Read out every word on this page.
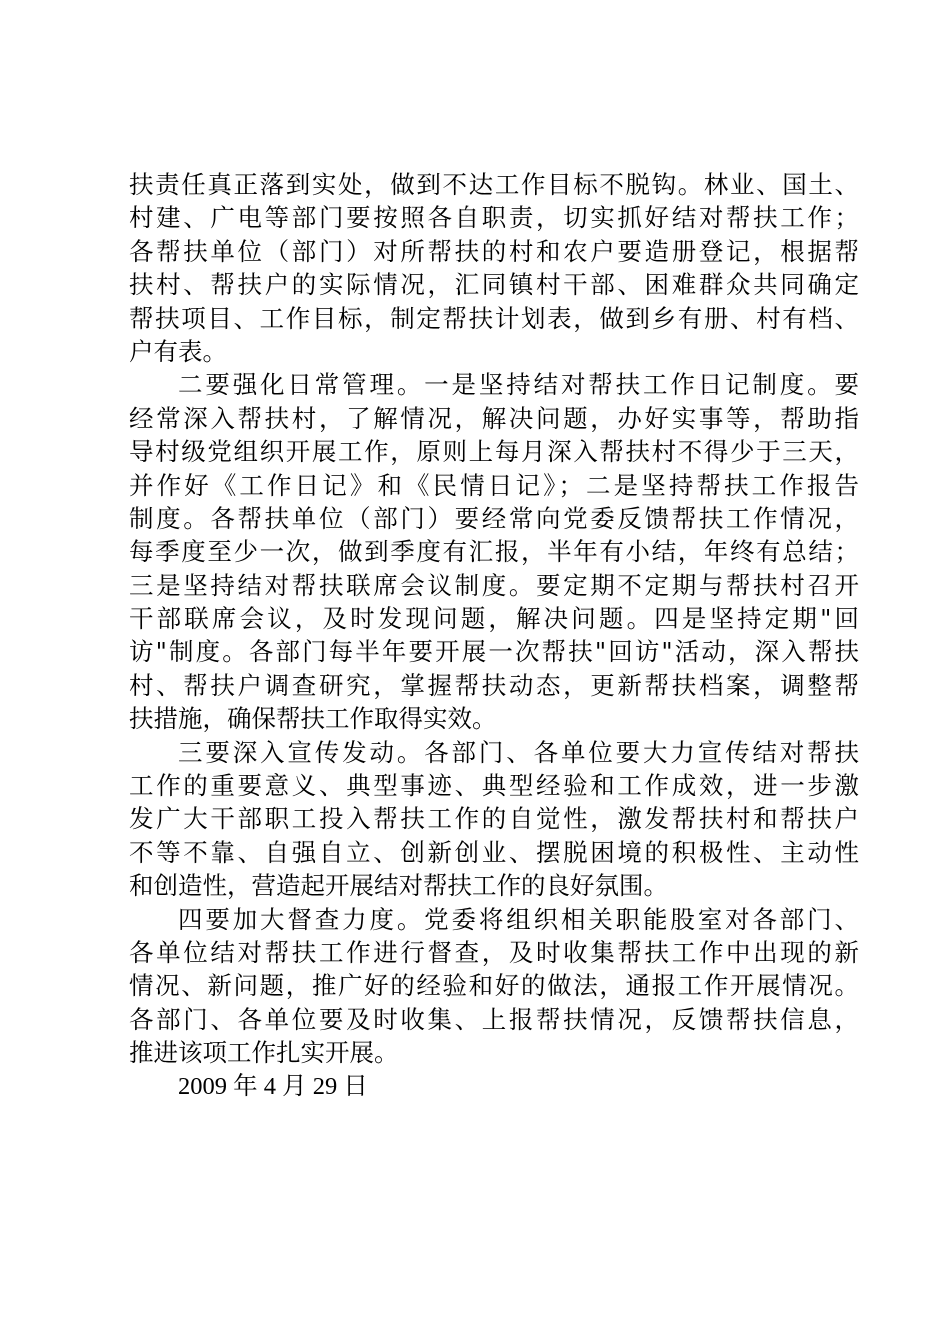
扶责任真正落到实处，做到不达工作目标不脱钩。林业、国土、
村建、广电等部门要按照各自职责，切实抓好结对帮扶工作；
各帮扶单位（部门）对所帮扶的村和农户要造册登记，根据帮
扶村、帮扶户的实际情况，汇同镇村干部、困难群众共同确定
帮扶项目、工作目标，制定帮扶计划表，做到乡有册、村有档、
户有表。
二要强化日常管理。一是坚持结对帮扶工作日记制度。要
经常深入帮扶村，了解情况，解决问题，办好实事等，帮助指
导村级党组织开展工作，原则上每月深入帮扶村不得少于三天，
并作好《工作日记》和《民情日记》；二是坚持帮扶工作报告
制度。各帮扶单位（部门）要经常向党委反馈帮扶工作情况，
每季度至少一次，做到季度有汇报，半年有小结，年终有总结；
三是坚持结对帮扶联席会议制度。要定期不定期与帮扶村召开
干部联席会议，及时发现问题，解决问题。四是坚持定期"回
访"制度。各部门每半年要开展一次帮扶"回访"活动，深入帮扶
村、帮扶户调查研究，掌握帮扶动态，更新帮扶档案，调整帮
扶措施，确保帮扶工作取得实效。
三要深入宣传发动。各部门、各单位要大力宣传结对帮扶
工作的重要意义、典型事迹、典型经验和工作成效，进一步激
发广大干部职工投入帮扶工作的自觉性，激发帮扶村和帮扶户
不等不靠、自强自立、创新创业、摆脱困境的积极性、主动性
和创造性，营造起开展结对帮扶工作的良好氛围。
四要加大督查力度。党委将组织相关职能股室对各部门、
各单位结对帮扶工作进行督查，及时收集帮扶工作中出现的新
情况、新问题，推广好的经验和好的做法，通报工作开展情况。
各部门、各单位要及时收集、上报帮扶情况，反馈帮扶信息，
推进该项工作扎实开展。
2009 年 4 月 29 日
